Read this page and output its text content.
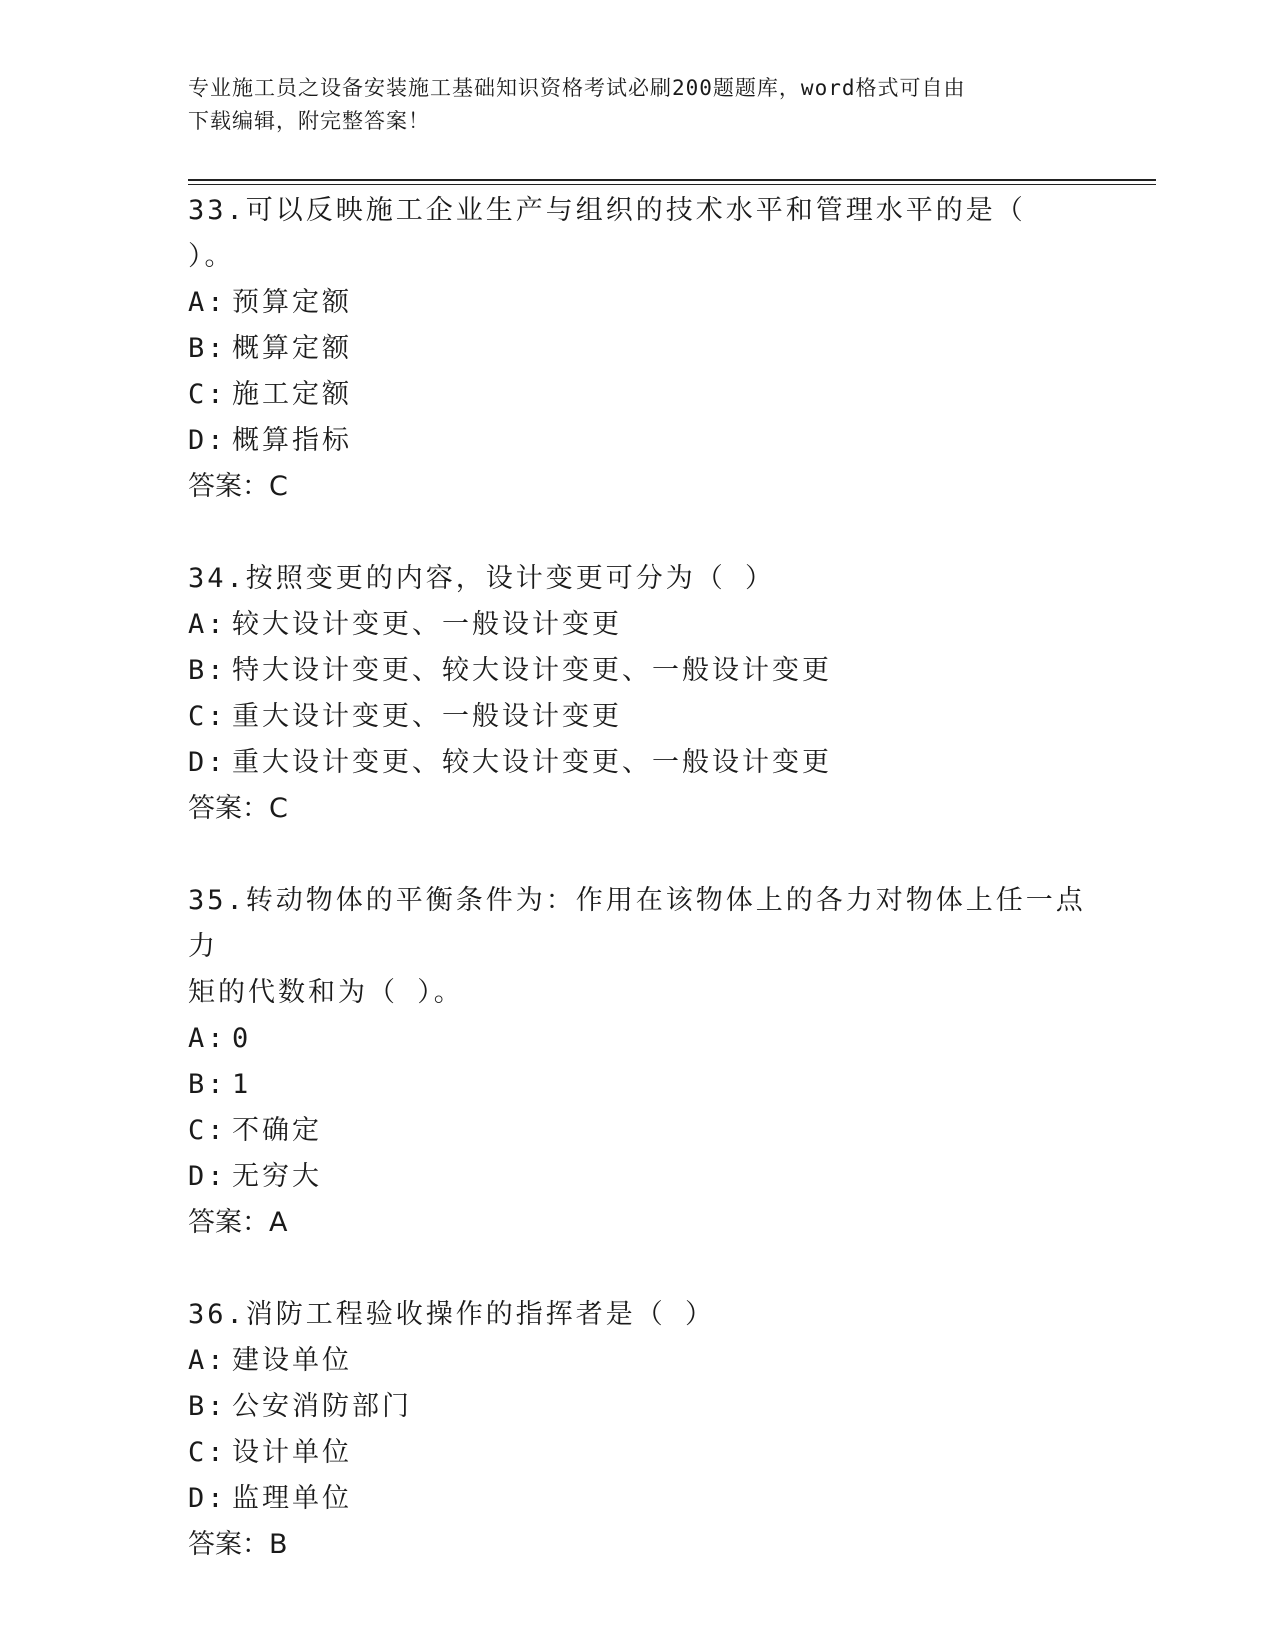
专业施工员之设备安装施工基础知识资格考试必刷200题题库，word格式可自由
下载编辑，附完整答案！
33.可以反映施工企业生产与组织的技术水平和管理水平的是（ ）。
A: 预算定额
B: 概算定额
C: 施工定额
D: 概算指标
答案：C
34.按照变更的内容，设计变更可分为（ ）
A: 较大设计变更、一般设计变更
B: 特大设计变更、较大设计变更、一般设计变更
C: 重大设计变更、一般设计变更
D: 重大设计变更、较大设计变更、一般设计变更
答案：C
35.转动物体的平衡条件为：作用在该物体上的各力对物体上任一点力
矩的代数和为（ ）。
A: 0
B: 1
C: 不确定
D: 无穷大
答案：A
36.消防工程验收操作的指挥者是（ ）
A: 建设单位
B: 公安消防部门
C: 设计单位
D: 监理单位
答案：B
